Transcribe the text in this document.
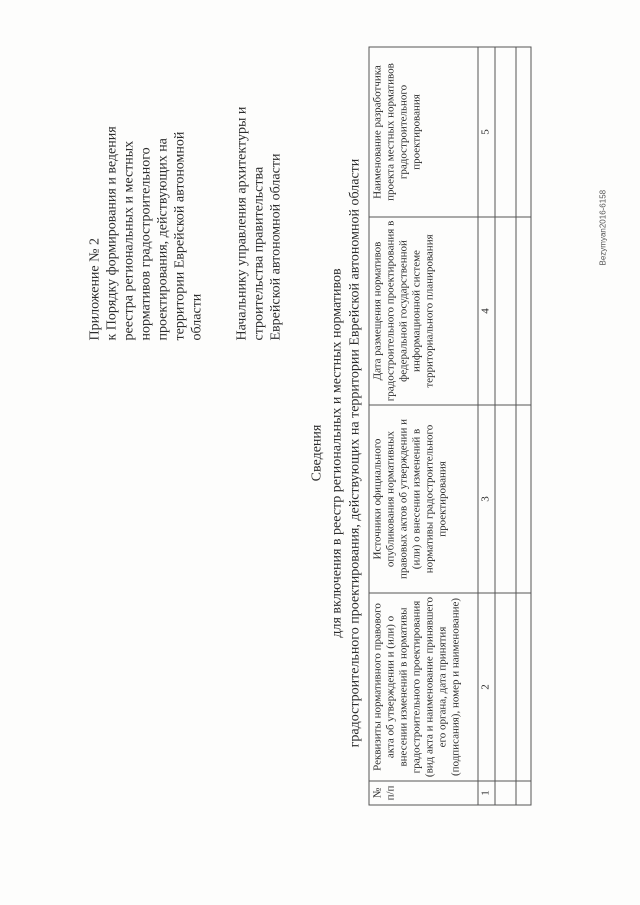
Приложение № 2 к Порядку формирования и ведения реестра региональных и местных нормативов градостроительного проектирования, действующих на территории Еврейской автономной области Начальнику управления архитектуры и строительства правительства Еврейской автономной области
Сведения для включения в реестр региональных и местных нормативов градостроительного проектирования, действующих на территории Еврейской автономной области
№ п/п	Реквизиты нормативного правового акта об утверждении и (или) о внесении изменений в нормативы градостроительного проектирования (вид акта и наименование принявшего его органа, дата принятия (подписания), номер и наименование)	Источники официального опубликования нормативных правовых актов об утверждении и (или) о внесении изменений в нормативы градостроительного проектирования	Дата размещения нормативов градостроительного проектирования в федеральной государственной информационной системе территориального планирования	Наименование разработчика проекта местных нормативов градостроительного проектирования
1	2	3	4	5

Bezymyan2016-6158
